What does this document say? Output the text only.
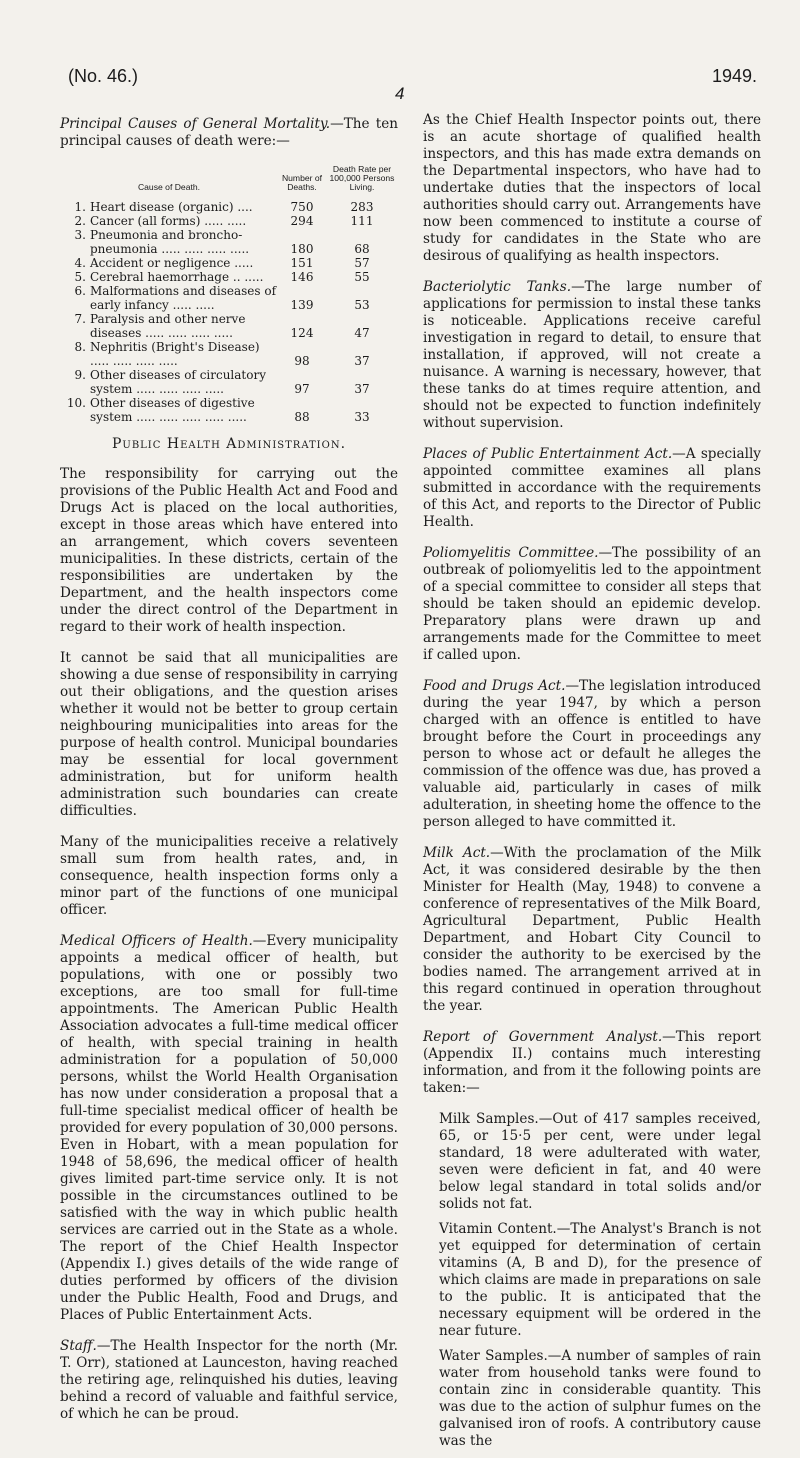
(No. 46.)
4
1949.

Principal Causes of General Mortality.—The ten principal causes of death were:—

Cause of Death.		Number of Deaths.	Death Rate per 100,000 Persons Living.
1.	Heart disease (organic) ....	750	283
2.	Cancer (all forms) ..... .....	294	111
3.	Pneumonia and broncho-pneumonia ..... ..... ..... .....	180	68
4.	Accident or negligence .....	151	57
5.	Cerebral haemorrhage .. .....	146	55
6.	Malformations and diseases of early infancy ..... .....	139	53
7.	Paralysis and other nerve diseases ..... ..... ..... .....	124	47
8.	Nephritis (Bright's Disease) ..... ..... ..... .....	98	37
9.	Other diseases of circulatory system ..... ..... ..... .....	97	37
10.	Other diseases of digestive system ..... ..... ..... ..... .....	88	33
Public Health Administration.

The responsibility for carrying out the provisions of the Public Health Act and Food and Drugs Act is placed on the local authorities, except in those areas which have entered into an arrangement, which covers seventeen municipalities. In these districts, certain of the responsibilities are undertaken by the Department, and the health inspectors come under the direct control of the Department in regard to their work of health inspection.

It cannot be said that all municipalities are showing a due sense of responsibility in carrying out their obligations, and the question arises whether it would not be better to group certain neighbouring municipalities into areas for the purpose of health control. Municipal boundaries may be essential for local government administration, but for uniform health administration such boundaries can create difficulties.

Many of the municipalities receive a relatively small sum from health rates, and, in consequence, health inspection forms only a minor part of the functions of one municipal officer.

Medical Officers of Health.—Every municipality appoints a medical officer of health, but populations, with one or possibly two exceptions, are too small for full-time appointments. The American Public Health Association advocates a full-time medical officer of health, with special training in health administration for a population of 50,000 persons, whilst the World Health Organisation has now under consideration a proposal that a full-time specialist medical officer of health be provided for every population of 30,000 persons. Even in Hobart, with a mean population for 1948 of 58,696, the medical officer of health gives limited part-time service only. It is not possible in the circumstances outlined to be satisfied with the way in which public health services are carried out in the State as a whole. The report of the Chief Health Inspector (Appendix I.) gives details of the wide range of duties performed by officers of the division under the Public Health, Food and Drugs, and Places of Public Entertainment Acts.

Staff.—The Health Inspector for the north (Mr. T. Orr), stationed at Launceston, having reached the retiring age, relinquished his duties, leaving behind a record of valuable and faithful service, of which he can be proud.

As the Chief Health Inspector points out, there is an acute shortage of qualified health inspectors, and this has made extra demands on the Departmental inspectors, who have had to undertake duties that the inspectors of local authorities should carry out. Arrangements have now been commenced to institute a course of study for candidates in the State who are desirous of qualifying as health inspectors.

Bacteriolytic Tanks.—The large number of applications for permission to instal these tanks is noticeable. Applications receive careful investigation in regard to detail, to ensure that installation, if approved, will not create a nuisance. A warning is necessary, however, that these tanks do at times require attention, and should not be expected to function indefinitely without supervision.

Places of Public Entertainment Act.—A specially appointed committee examines all plans submitted in accordance with the requirements of this Act, and reports to the Director of Public Health.

Poliomyelitis Committee.—The possibility of an outbreak of poliomyelitis led to the appointment of a special committee to consider all steps that should be taken should an epidemic develop. Preparatory plans were drawn up and arrangements made for the Committee to meet if called upon.

Food and Drugs Act.—The legislation introduced during the year 1947, by which a person charged with an offence is entitled to have brought before the Court in proceedings any person to whose act or default he alleges the commission of the offence was due, has proved a valuable aid, particularly in cases of milk adulteration, in sheeting home the offence to the person alleged to have committed it.

Milk Act.—With the proclamation of the Milk Act, it was considered desirable by the then Minister for Health (May, 1948) to convene a conference of representatives of the Milk Board, Agricultural Department, Public Health Department, and Hobart City Council to consider the authority to be exercised by the bodies named. The arrangement arrived at in this regard continued in operation throughout the year.

Report of Government Analyst.—This report (Appendix II.) contains much interesting information, and from it the following points are taken:—

Milk Samples.—Out of 417 samples received, 65, or 15·5 per cent, were under legal standard, 18 were adulterated with water, seven were deficient in fat, and 40 were below legal standard in total solids and/or solids not fat.

Vitamin Content.—The Analyst's Branch is not yet equipped for determination of certain vitamins (A, B and D), for the presence of which claims are made in preparations on sale to the public. It is anticipated that the necessary equipment will be ordered in the near future.

Water Samples.—A number of samples of rain water from household tanks were found to contain zinc in considerable quantity. This was due to the action of sulphur fumes on the galvanised iron of roofs. A contributory cause was the
